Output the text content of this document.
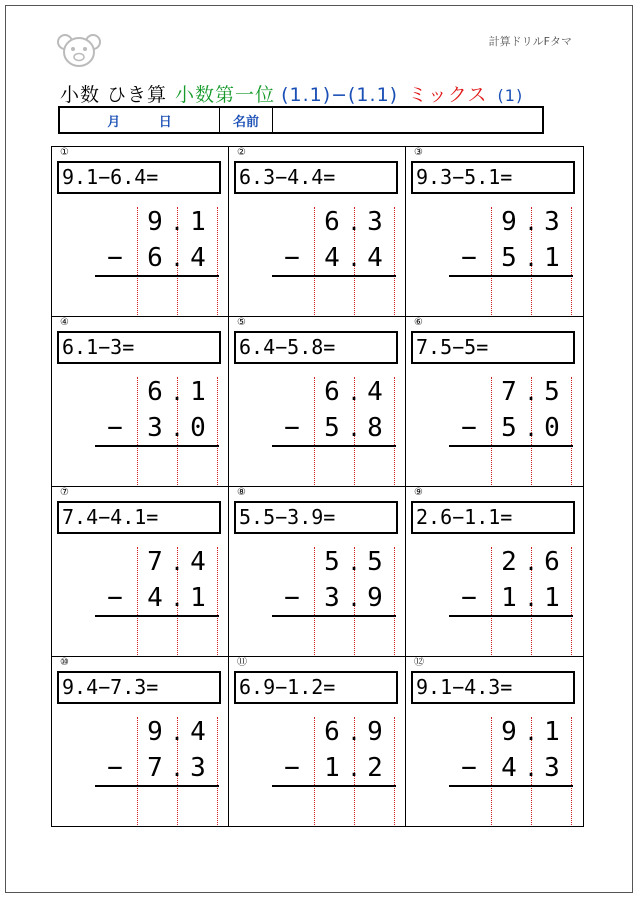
計算ドリルFタマ
小数 ひき算 小数第一位 (1.1)−(1.1) ミックス (1)
月	日	名前
①
9.1−6.4=
9 . 1
− 6 . 4
②
6.3−4.4=
6 . 3
− 4 . 4
③
9.3−5.1=
9 . 3
− 5 . 1
④
6.1−3=
6 . 1
− 3 . 0
⑤
6.4−5.8=
6 . 4
− 5 . 8
⑥
7.5−5=
7 . 5
− 5 . 0
⑦
7.4−4.1=
7 . 4
− 4 . 1
⑧
5.5−3.9=
5 . 5
− 3 . 9
⑨
2.6−1.1=
2 . 6
− 1 . 1
⑩
9.4−7.3=
9 . 4
− 7 . 3
⑪
6.9−1.2=
6 . 9
− 1 . 2
⑫
9.1−4.3=
9 . 1
− 4 . 3
